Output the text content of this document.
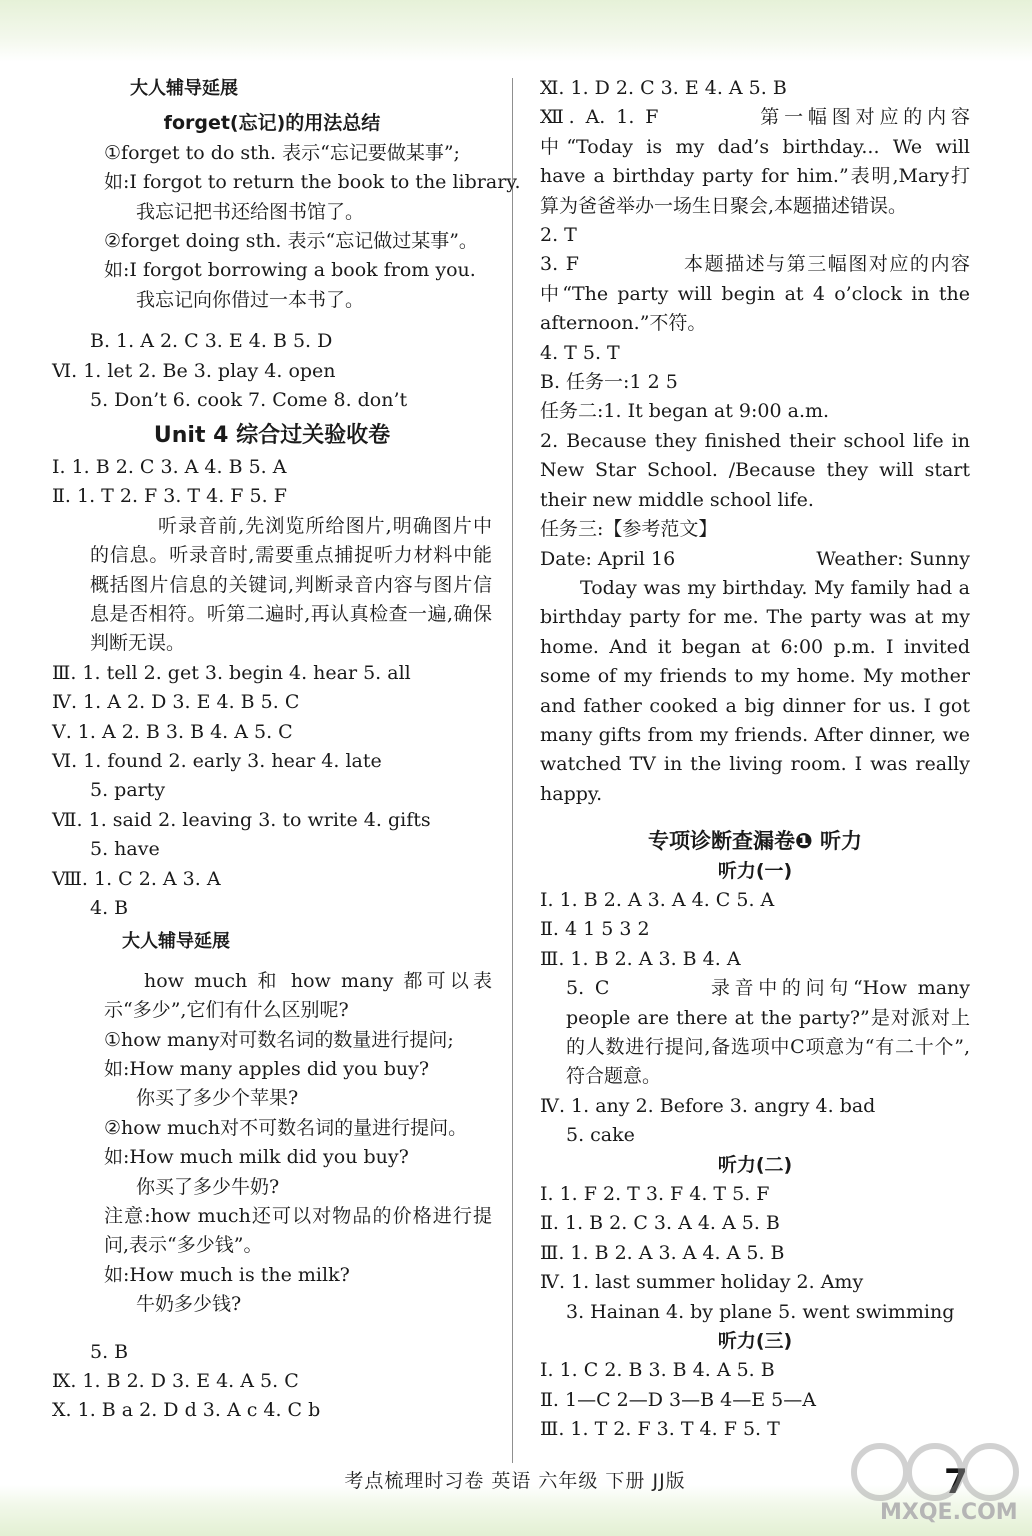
大人辅导延展
forget(忘记)的用法总结
①forget to do sth. 表示“忘记要做某事”;
如:I forgot to return the book to the library.
我忘记把书还给图书馆了。
②forget doing sth. 表示“忘记做过某事”。
如:I forgot borrowing a book from you.
我忘记向你借过一本书了。
B. 1. A 2. C 3. E 4. B 5. D
Ⅵ. 1. let 2. Be 3. play 4. open
5. Don’t 6. cook 7. Come 8. don’t
Unit 4 综合过关验收卷
Ⅰ. 1. B 2. C 3. A 4. B 5. A
Ⅱ. 1. T 2. F 3. T 4. F 5. F
听录音前,先浏览所给图片,明确图片中的信息。听录音时,需要重点捕捉听力材料中能概括图片信息的关键词,判断录音内容与图片信息是否相符。听第二遍时,再认真检查一遍,确保判断无误。
Ⅲ. 1. tell 2. get 3. begin 4. hear 5. all
Ⅳ. 1. A 2. D 3. E 4. B 5. C
Ⅴ. 1. A 2. B 3. B 4. A 5. C
Ⅵ. 1. found 2. early 3. hear 4. late
5. party
Ⅶ. 1. said 2. leaving 3. to write 4. gifts
5. have
Ⅷ. 1. C 2. A 3. A
4. B
大人辅导延展
how much 和 how many 都可以表示“多少”,它们有什么区别呢?
①how many对可数名词的数量进行提问;
如:How many apples did you buy?
你买了多少个苹果?
②how much对不可数名词的量进行提问。
如:How much milk did you buy?
你买了多少牛奶?
注意:how much还可以对物品的价格进行提问,表示“多少钱”。
如:How much is the milk?
牛奶多少钱?
5. B
Ⅸ. 1. B 2. D 3. E 4. A 5. C
Ⅹ. 1. B a 2. D d 3. A c 4. C b
Ⅺ. 1. D 2. C 3. E 4. A 5. B
Ⅻ. A. 1. F	第一幅图对应的内容中“Today is my dad’s birthday... We will have a birthday party for him.”表明,Mary打算为爸爸举办一场生日聚会,本题描述错误。
2. T
3. F	本题描述与第三幅图对应的内容中“The party will begin at 4 o’clock in the afternoon.”不符。
4. T 5. T
B. 任务一:1 2 5
任务二:1. It began at 9:00 a.m.
2. Because they finished their school life in New Star School. /Because they will start their new middle school life.
任务三:【参考范文】
Date: April 16	Weather: Sunny
Today was my birthday. My family had a birthday party for me. The party was at my home. And it began at 6:00 p.m. I invited some of my friends to my home. My mother and father cooked a big dinner for us. I got many gifts from my friends. After dinner, we watched TV in the living room. I was really happy.
专项诊断查漏卷❶ 听力
听力(一)
Ⅰ. 1. B 2. A 3. A 4. C 5. A
Ⅱ. 4 1 5 3 2
Ⅲ. 1. B 2. A 3. B 4. A
5. C	录音中的问句“How many people are there at the party?”是对派对上的人数进行提问,备选项中C项意为“有二十个”,符合题意。
Ⅳ. 1. any 2. Before 3. angry 4. bad
5. cake
听力(二)
Ⅰ. 1. F 2. T 3. F 4. T 5. F
Ⅱ. 1. B 2. C 3. A 4. A 5. B
Ⅲ. 1. B 2. A 3. A 4. A 5. B
Ⅳ. 1. last summer holiday 2. Amy
3. Hainan 4. by plane 5. went swimming
听力(三)
Ⅰ. 1. C 2. B 3. B 4. A 5. B
Ⅱ. 1—C 2—D 3—B 4—E 5—A
Ⅲ. 1. T 2. F 3. T 4. F 5. T
考点梳理时习卷 英语 六年级 下册 JJ版	7
MXQE.COM
